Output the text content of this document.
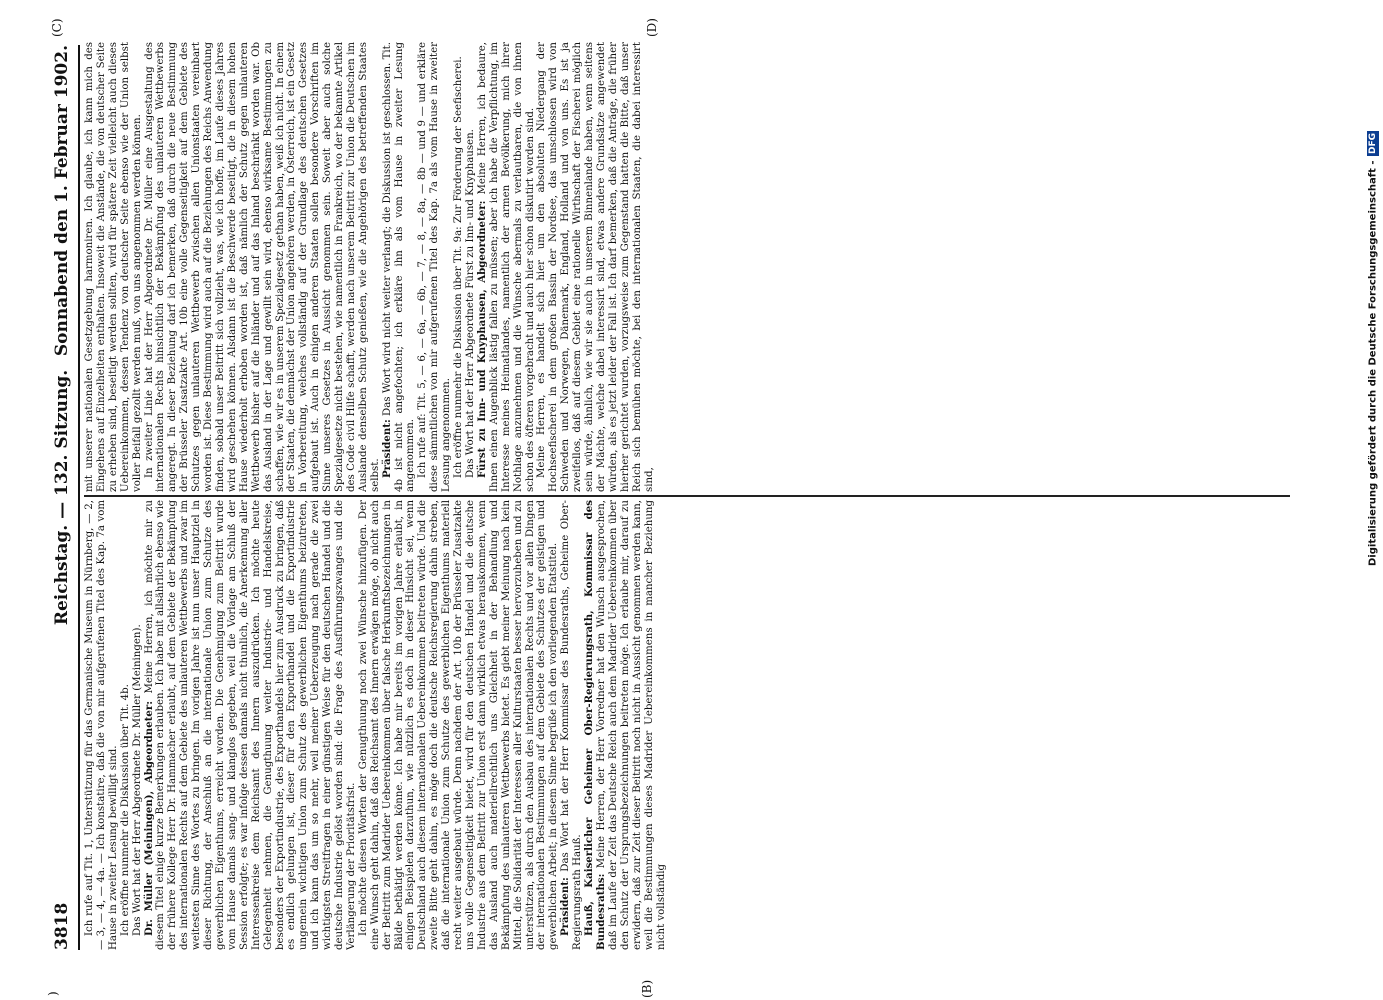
3818
Reichstag. — 132. Sitzung.
Sonnabend den 1. Februar 1902.
)	(B)
(C)	(D)

Ich rufe auf Tit. 1, Unterstützung für das Germanische Museum in Nürnberg, — 2, — 3, — 4, — 4a. — Ich konstatire, daß die von mir aufgerufenen Titel des Kap. 7a vom Hause in zweiter Lesung bewilligt sind. Ich eröffne nunmehr die Diskussion über Tit. 4b. Das Wort hat der Herr Abgeordnete Dr. Müller (Meiningen). Dr. Müller (Meiningen), Abgeordneter: Meine Herren, ich möchte mir zu diesem Titel einige kurze Bemerkungen erlauben. Ich habe mit allsährlich ebenso wie der frühere Kollege Herr Dr. Hammacher erlaubt, auf dem Gebiete der Bekämpfung des internationalen Rechts auf dem Gebiete des unlauteren Wettbewerbs und zwar im weitesten Sinne des Wortes zu bringen. Im vorigen Jahre ist nun unser Hauptziel in dieser Richtung, der Anschluß an die internationale Union zum Schutze des gewerblichen Eigenthums, erreicht worden. Die Genehmigung zum Beitritt wurde vom Hause damals sang- und klanglos gegeben, weil die Vorlage am Schluß der Session erfolgte; es war infolge dessen damals nicht thunlich, die Anerkennung aller Interessenkreise dem Reichsamt des Innern auszudrücken. Ich möchte heute Gelegenheit nehmen, die Genugthuung weiter Industrie- und Handelskreise, besonders der Exportindustrie, des Exporthandels hier zum Ausdruck zu bringen, daß es endlich gelungen ist, dieser für den Exporthandel und die Exportindustrie ungemein wichtigen Union zum Schutz des gewerblichen Eigenthums beizutreten, und ich kann das um so mehr, weil meiner Ueberzeugung nach gerade die zwei wichtigsten Streitfragen in einer günstigen Weise für den deutschen Handel und die deutsche Industrie gelöst worden sind: die Frage des Ausführungszwanges und die Verlängerung der Prioritätsfrist. Ich möchte diesen Worten der Genugthuung noch zwei Wünsche hinzufügen. Der eine Wunsch geht dahin, daß das Reichsamt des Innern erwägen möge, ob nicht auch der Beitritt zum Madrider Uebereinkommen über falsche Herkunftsbezeichnungen in Bälde bethätigt werden könne. Ich habe mir bereits im vorigen Jahre erlaubt, in einigen Beispielen darzuthun, wie nützlich es doch in dieser Hinsicht sei, wenn Deutschland auch diesem internationalen Uebereinkommen beitreten würde. Und die zweite Bitte geht dahin, es möge doch die deutsche Reichsregierung dahin streben, daß die internationale Union zum Schutze des gewerblichen Eigenthums materiell recht weiter ausgebaut würde. Denn nachdem der Art. 10b der Brüsseler Zusatzakte uns volle Gegenseitigkeit bietet, wird für den deutschen Handel und die deutsche Industrie aus dem Beitritt zur Union erst dann wirklich etwas herauskommen, wenn das Ausland auch materiellrechtlich uns Gleichheit in der Behandlung und Bekämpfung des unlauteren Wettbewerbs bietet. Es giebt meiner Meinung nach kein Mittel, die Solidarität der Interessen aller Kulturstaaten besser hervorzuheben und zu unterstützen, als durch den Ausbau des internationalen Rechts und vor allen Dingen der internationalen Bestimmungen auf dem Gebiete des Schutzes der geistigen und gewerblichen Arbeit; in diesem Sinne begrüße ich den vorliegenden Etatstitel. Präsident: Das Wort hat der Herr Kommissar des Bundesraths, Geheime Ober-Regierungsrath Hauß. Hauß, Kaiserlicher Geheimer Ober-Regierungsrath, Kommissar des Bundesraths: Meine Herren, der Herr Vorredner hat den Wunsch ausgesprochen, daß im Laufe der Zeit das Deutsche Reich auch dem Madrider Uebereinkommen über den Schutz der Ursprungsbezeichnungen beitreten möge. Ich erlaube mir, darauf zu erwidern, daß zur Zeit dieser Beitritt noch nicht in Aussicht genommen werden kann, weil die Bestimmungen dieses Madrider Uebereinkommens in mancher Beziehung nicht vollständig

mit unserer nationalen Gesetzgebung harmoniren. Ich glaube, ich kann mich des Eingehens auf Einzelheiten enthalten. Insoweit die Anstände, die von deutscher Seite zu erheben sind, beseitigt werden sollten, wird für spätere Zeit vielleicht auch dieses Uebereinkommen, dessen Tendenz von deutscher Seite ebenso wie der Union selbst voller Beifall gezollt werden muß, von uns angenommen werden können. In zweiter Linie hat der Herr Abgeordnete Dr. Müller eine Ausgestaltung des internationalen Rechts hinsichtlich der Bekämpfung des unlauteren Wettbewerbs angeregt. In dieser Beziehung darf ich bemerken, daß durch die neue Bestimmung der Brüsseler Zusatzakte Art. 10b eine volle Gegenseitigkeit auf dem Gebiete des Schutzes gegen unlauteren Wettbewerb zwischen allen Unionstaaten vereinbart worden ist. Diese Bestimmung wird auch auf die Beziehungen des Reichs Anwendung finden, sobald unser Beitritt sich vollzieht, was, wie ich hoffe, im Laufe dieses Jahres wird geschehen können. Alsdann ist die Beschwerde beseitigt, die in diesem hohen Hause wiederholt erhoben worden ist, daß nämlich der Schutz gegen unlauteren Wettbewerb bisher auf die Inländer und auf das Inland beschränkt worden war. Ob das Ausland in der Lage und gewillt sein wird, ebenso wirksame Bestimmungen zu schaffen, wie wir es in unserem Spezialgesetz gethan haben, weiß ich nicht. In einem der Staaten, die demnächst der Union angehören werden, in Österreich, ist ein Gesetz in Vorbereitung, welches vollständig auf der Grundlage des deutschen Gesetzes aufgebaut ist. Auch in einigen anderen Staaten sollen besondere Vorschriften im Sinne unseres Gesetzes in Aussicht genommen sein. Soweit aber auch solche Spezialgesetze nicht bestehen, wie namentlich in Frankreich, wo der bekannte Artikel des Code civil Hilfe schafft, werden nach unserem Beitritt zur Union die Deutschen im Auslande denselben Schutz genießen, wie die Angehörigen des betreffenden Staates selbst. Präsident: Das Wort wird nicht weiter verlangt; die Diskussion ist geschlossen. Tit. 4b ist nicht angefochten; ich erkläre ihn als vom Hause in zweiter Lesung angenommen. Ich rufe auf: Tit. 5, — 6, — 6a, — 6b, — 7, — 8, — 8a, — 8b — und 9 — und erkläre diese sämmtlichen von mir aufgerufenen Titel des Kap. 7a als vom Hause in zweiter Lesung angenommen. Ich eröffne nunmehr die Diskussion über Tit. 9a: Zur Förderung der Seefischerei. Das Wort hat der Herr Abgeordnete Fürst zu Inn- und Knyphausen. Fürst zu Inn- und Knyphausen, Abgeordneter: Meine Herren, ich bedaure, Ihnen einen Augenblick lästig fallen zu müssen; aber ich habe die Verpflichtung, im Interesse meines Heimatlandes, namentlich der armen Bevölkerung, mich ihrer Nothlage anzunehmen und die Wünsche abermals zu verlautbaren, die von ihnen schon des öfteren vorgebracht und auch hier schon diskutirt worden sind. Meine Herren, es handelt sich hier um den absoluten Niedergang der Hochseefischerei in dem großen Bassin der Nordsee, das umschlossen wird von Schweden und Norwegen, Dänemark, England, Holland und von uns. Es ist ja zweifellos, daß auf diesem Gebiet eine rationelle Wirthschaft der Fischerei möglich sein würde, ähnlich, wie wir sie auch in unserem Binnenlande haben, wenn seitens der Mächte, welche dabei interessirt sind, etwas andere Grundsätze angewendet würden, als es jetzt leider der Fall ist. Ich darf bemerken, daß die Anträge, die früher hierher gerichtet wurden, vorzugsweise zum Gegenstand hatten die Bitte, daß unser Reich sich bemühen möchte, bei den internationalen Staaten, die dabei interessirt sind,	Digitalisierung gefördert durch die Deutsche Forschungsgemeinschaft -
DFG
